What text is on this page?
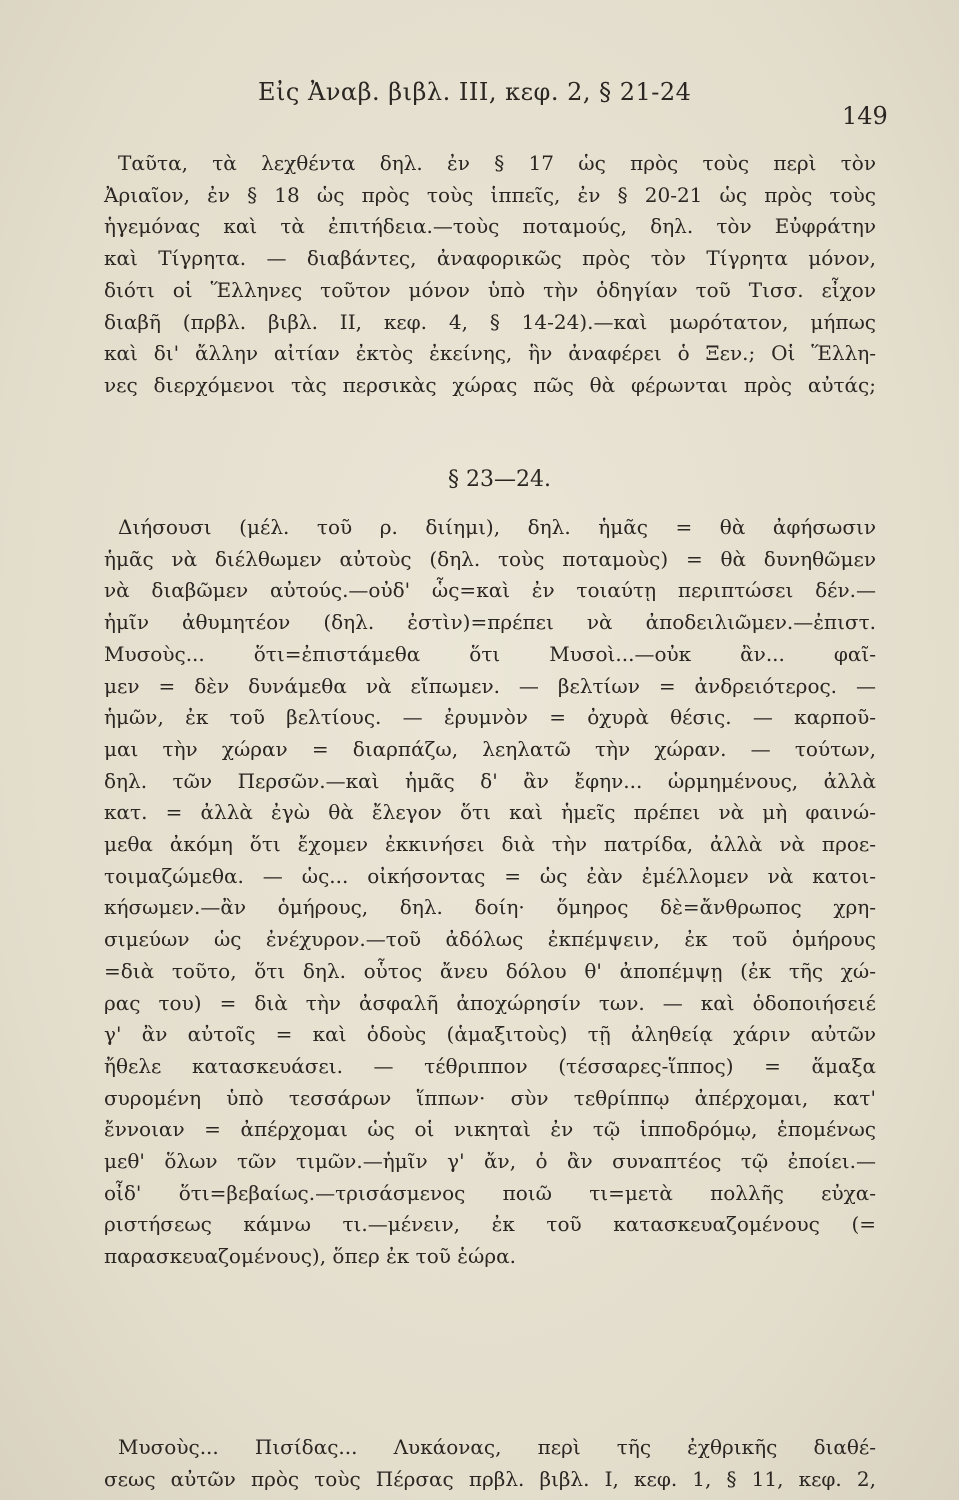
Εἰς Ἀναβ. βιβλ. III, κεφ. 2, § 21-24
149
Ταῦτα, τὰ λεχθέντα δηλ. ἐν § 17 ὡς πρὸς τοὺς περὶ τὸν
Ἀριαῖον, ἐν § 18 ὡς πρὸς τοὺς ἱππεῖς, ἐν § 20-21 ὡς πρὸς τοὺς
ἡγεμόνας καὶ τὰ ἐπιτήδεια.—τοὺς ποταμούς, δηλ. τὸν Εὐφράτην
καὶ Τίγρητα. — διαβάντες, ἀναφορικῶς πρὸς τὸν Τίγρητα μόνον,
διότι οἱ Ἕλληνες τοῦτον μόνον ὑπὸ τὴν ὁδηγίαν τοῦ Τισσ. εἶχον
διαβῆ (πρβλ. βιβλ. II, κεφ. 4, § 14-24).—καὶ μωρότατον, μήπως
καὶ δι' ἄλλην αἰτίαν ἐκτὸς ἐκείνης, ἣν ἀναφέρει ὁ Ξεν.; Οἱ Ἕλλη-
νες διερχόμενοι τὰς περσικὰς χώρας πῶς θὰ φέρωνται πρὸς αὐτάς;
§ 23—24.
Διήσουσι (μέλ. τοῦ ρ. διίημι), δηλ. ἡμᾶς = θὰ ἀφήσωσιν
ἡμᾶς νὰ διέλθωμεν αὐτοὺς (δηλ. τοὺς ποταμοὺς) = θὰ δυνηθῶμεν
νὰ διαβῶμεν αὐτούς.—οὐδ' ὧς=καὶ ἐν τοιαύτῃ περιπτώσει δέν.—
ἡμῖν ἀθυμητέον (δηλ. ἐστὶν)=πρέπει νὰ ἀποδειλιῶμεν.—ἐπιστ.
Μυσοὺς... ὅτι=ἐπιστάμεθα ὅτι Μυσοὶ...—οὐκ ἂν... φαῖ-
μεν = δὲν δυνάμεθα νὰ εἴπωμεν. — βελτίων = ἀνδρειότερος. —
ἡμῶν, ἐκ τοῦ βελτίους. — ἐρυμνὸν = ὀχυρὰ θέσις. — καρποῦ-
μαι τὴν χώραν = διαρπάζω, λεηλατῶ τὴν χώραν. — τούτων,
δηλ. τῶν Περσῶν.—καὶ ἡμᾶς δ' ἂν ἔφην... ὡρμημένους, ἀλλὰ
κατ. = ἀλλὰ ἐγὼ θὰ ἔλεγον ὅτι καὶ ἡμεῖς πρέπει νὰ μὴ φαινώ-
μεθα ἀκόμη ὅτι ἔχομεν ἐκκινήσει διὰ τὴν πατρίδα, ἀλλὰ νὰ προε-
τοιμαζώμεθα. — ὡς... οἰκήσοντας = ὡς ἐὰν ἐμέλλομεν νὰ κατοι-
κήσωμεν.—ἂν ὁμήρους, δηλ. δοίη· ὅμηρος δὲ=ἄνθρωπος χρη-
σιμεύων ὡς ἐνέχυρον.—τοῦ ἀδόλως ἐκπέμψειν, ἐκ τοῦ ὁμήρους
=διὰ τοῦτο, ὅτι δηλ. οὗτος ἄνευ δόλου θ' ἀποπέμψῃ (ἐκ τῆς χώ-
ρας του) = διὰ τὴν ἀσφαλῆ ἀποχώρησίν των. — καὶ ὁδοποιήσειέ
γ' ἂν αὐτοῖς = καὶ ὁδοὺς (ἁμαξιτοὺς) τῇ ἀληθείᾳ χάριν αὐτῶν
ἤθελε κατασκευάσει. — τέθριππον (τέσσαρες-ἵππος) = ἅμαξα
συρομένη ὑπὸ τεσσάρων ἵππων· σὺν τεθρίππῳ ἀπέρχομαι, κατ'
ἔννοιαν = ἀπέρχομαι ὡς οἱ νικηταὶ ἐν τῷ ἱπποδρόμῳ, ἑπομένως
μεθ' ὅλων τῶν τιμῶν.—ἡμῖν γ' ἄν, ὁ ἂν συναπτέος τῷ ἐποίει.—
οἶδ' ὅτι=βεβαίως.—τρισάσμενος ποιῶ τι=μετὰ πολλῆς εὐχα-
ριστήσεως κάμνω τι.—μένειν, ἐκ τοῦ κατασκευαζομένους (=
παρασκευαζομένους), ὅπερ ἐκ τοῦ ἑώρα.
Μυσοὺς... Πισίδας... Λυκάονας, περὶ τῆς ἐχθρικῆς διαθέ-
σεως αὐτῶν πρὸς τοὺς Πέρσας πρβλ. βιβλ. I, κεφ. 1, § 11, κεφ. 2,
